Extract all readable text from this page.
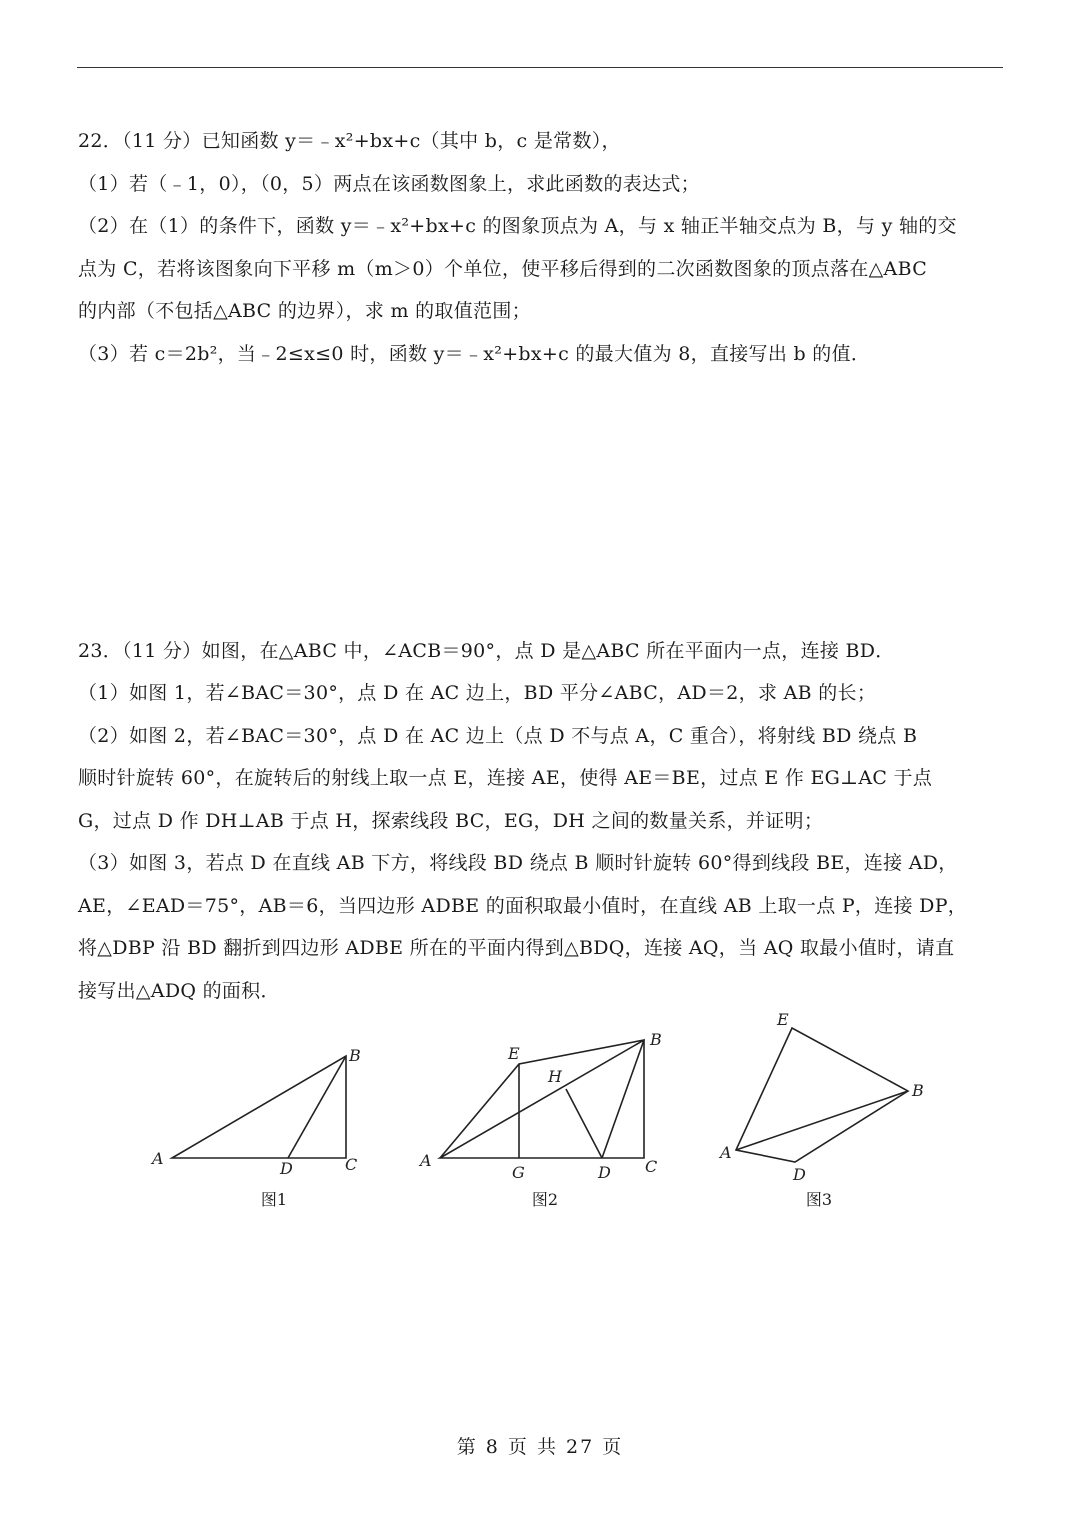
22．（11 分）已知函数 y＝﹣x²+bx+c（其中 b，c 是常数），
（1）若（﹣1，0），（0，5）两点在该函数图象上，求此函数的表达式；
（2）在（1）的条件下，函数 y＝﹣x²+bx+c 的图象顶点为 A，与 x 轴正半轴交点为 B，与 y 轴的交
点为 C，若将该图象向下平移 m（m＞0）个单位，使平移后得到的二次函数图象的顶点落在△ABC
的内部（不包括△ABC 的边界），求 m 的取值范围；
（3）若 c＝2b²，当﹣2≤x≤0 时，函数 y＝﹣x²+bx+c 的最大值为 8，直接写出 b 的值．
23．（11 分）如图，在△ABC 中，∠ACB＝90°，点 D 是△ABC 所在平面内一点，连接 BD．
（1）如图 1，若∠BAC＝30°，点 D 在 AC 边上，BD 平分∠ABC，AD＝2，求 AB 的长；
（2）如图 2，若∠BAC＝30°，点 D 在 AC 边上（点 D 不与点 A，C 重合），将射线 BD 绕点 B
顺时针旋转 60°，在旋转后的射线上取一点 E，连接 AE，使得 AE＝BE，过点 E 作 EG⊥AC 于点
G，过点 D 作 DH⊥AB 于点 H，探索线段 BC，EG，DH 之间的数量关系，并证明；
（3）如图 3，若点 D 在直线 AB 下方，将线段 BD 绕点 B 顺时针旋转 60°得到线段 BE，连接 AD，
AE，∠EAD＝75°，AB＝6，当四边形 ADBE 的面积取最小值时，在直线 AB 上取一点 P，连接 DP，
将△DBP 沿 BD 翻折到四边形 ADBE 所在的平面内得到△BDQ，连接 AQ，当 AQ 取最小值时，请直
接写出△ADQ 的面积．
A
B
C
D	A
B
C
D
E
G
H
A
B
D
E
图1	图2	图3
第 8 页 共 27 页
